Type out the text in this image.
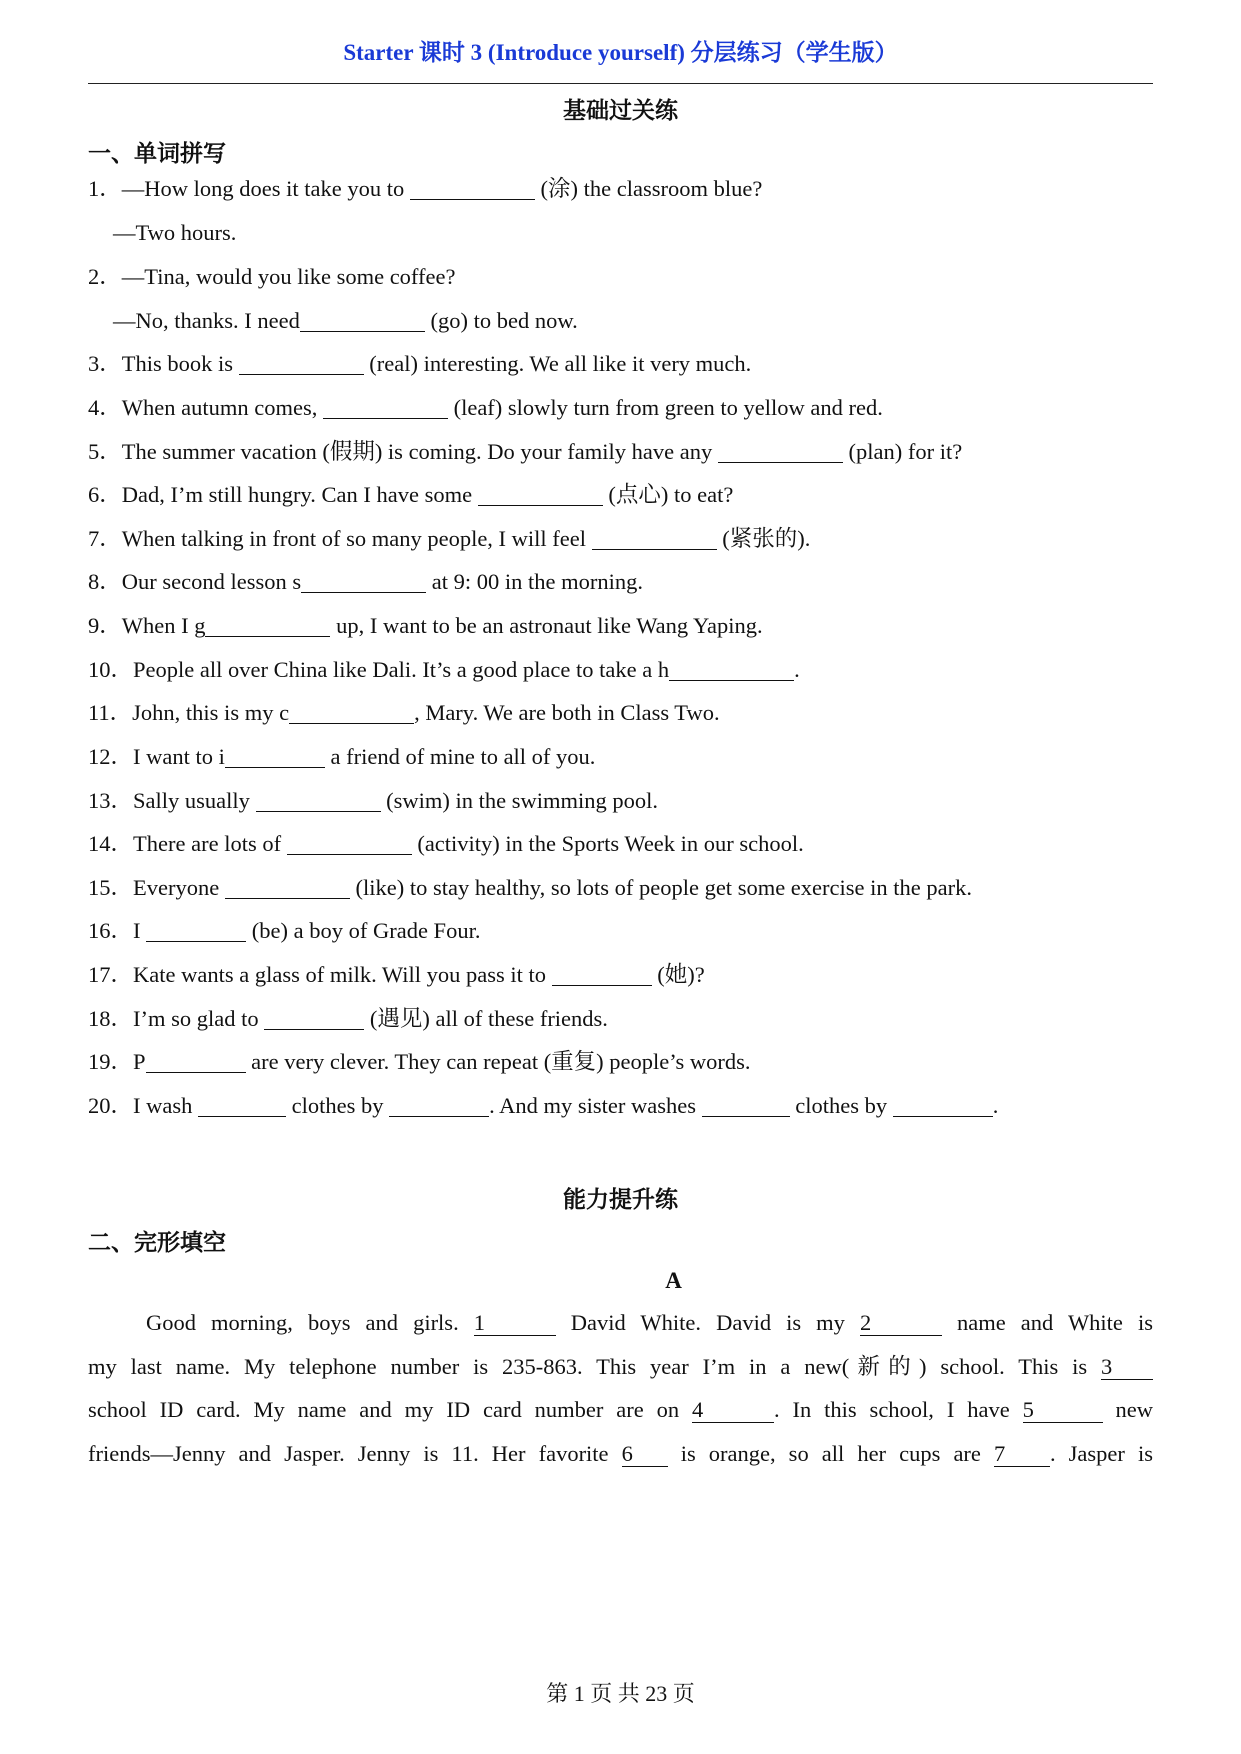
Starter 课时 3 (Introduce yourself) 分层练习（学生版）
基础过关练
一、单词拼写
1．—How long does it take you to	(涂) the classroom blue?
—Two hours.
2．—Tina, would you like some coffee?
—No, thanks. I need	(go) to bed now.
3．This book is	(real) interesting. We all like it very much.
4．When autumn comes,	(leaf) slowly turn from green to yellow and red.
5．The summer vacation (假期) is coming. Do your family have any	(plan) for it?
6．Dad, I’m still hungry. Can I have some	(点心) to eat?
7．When talking in front of so many people, I will feel	(紧张的).
8．Our second lesson s	at 9: 00 in the morning.
9．When I g	up, I want to be an astronaut like Wang Yaping.
10．People all over China like Dali. It’s a good place to take a h	.
11．John, this is my c	, Mary. We are both in Class Two.
12．I want to i	a friend of mine to all of you.
13．Sally usually	(swim) in the swimming pool.
14．There are lots of	(activity) in the Sports Week in our school.
15．Everyone	(like) to stay healthy, so lots of people get some exercise in the park.
16．I	(be) a boy of Grade Four.
17．Kate wants a glass of milk. Will you pass it to	(她)?
18．I’m so glad to	(遇见) all of these friends.
19．P	are very clever. They can repeat (重复) people’s words.
20．I wash	clothes by	. And my sister washes	clothes by	.
能力提升练
二、完形填空
A
Good morning, boys and girls. 1	David White. David is my 2	name and White is
my last name. My telephone number is 235-863. This year I’m in a new(新的) school. This is 3
school ID card. My name and my ID card number are on 4	. In this school, I have 5	new
friends—Jenny and Jasper. Jenny is 11. Her favorite 6 is orange, so all her cups are 7 . Jasper is
第 1 页 共 23 页
